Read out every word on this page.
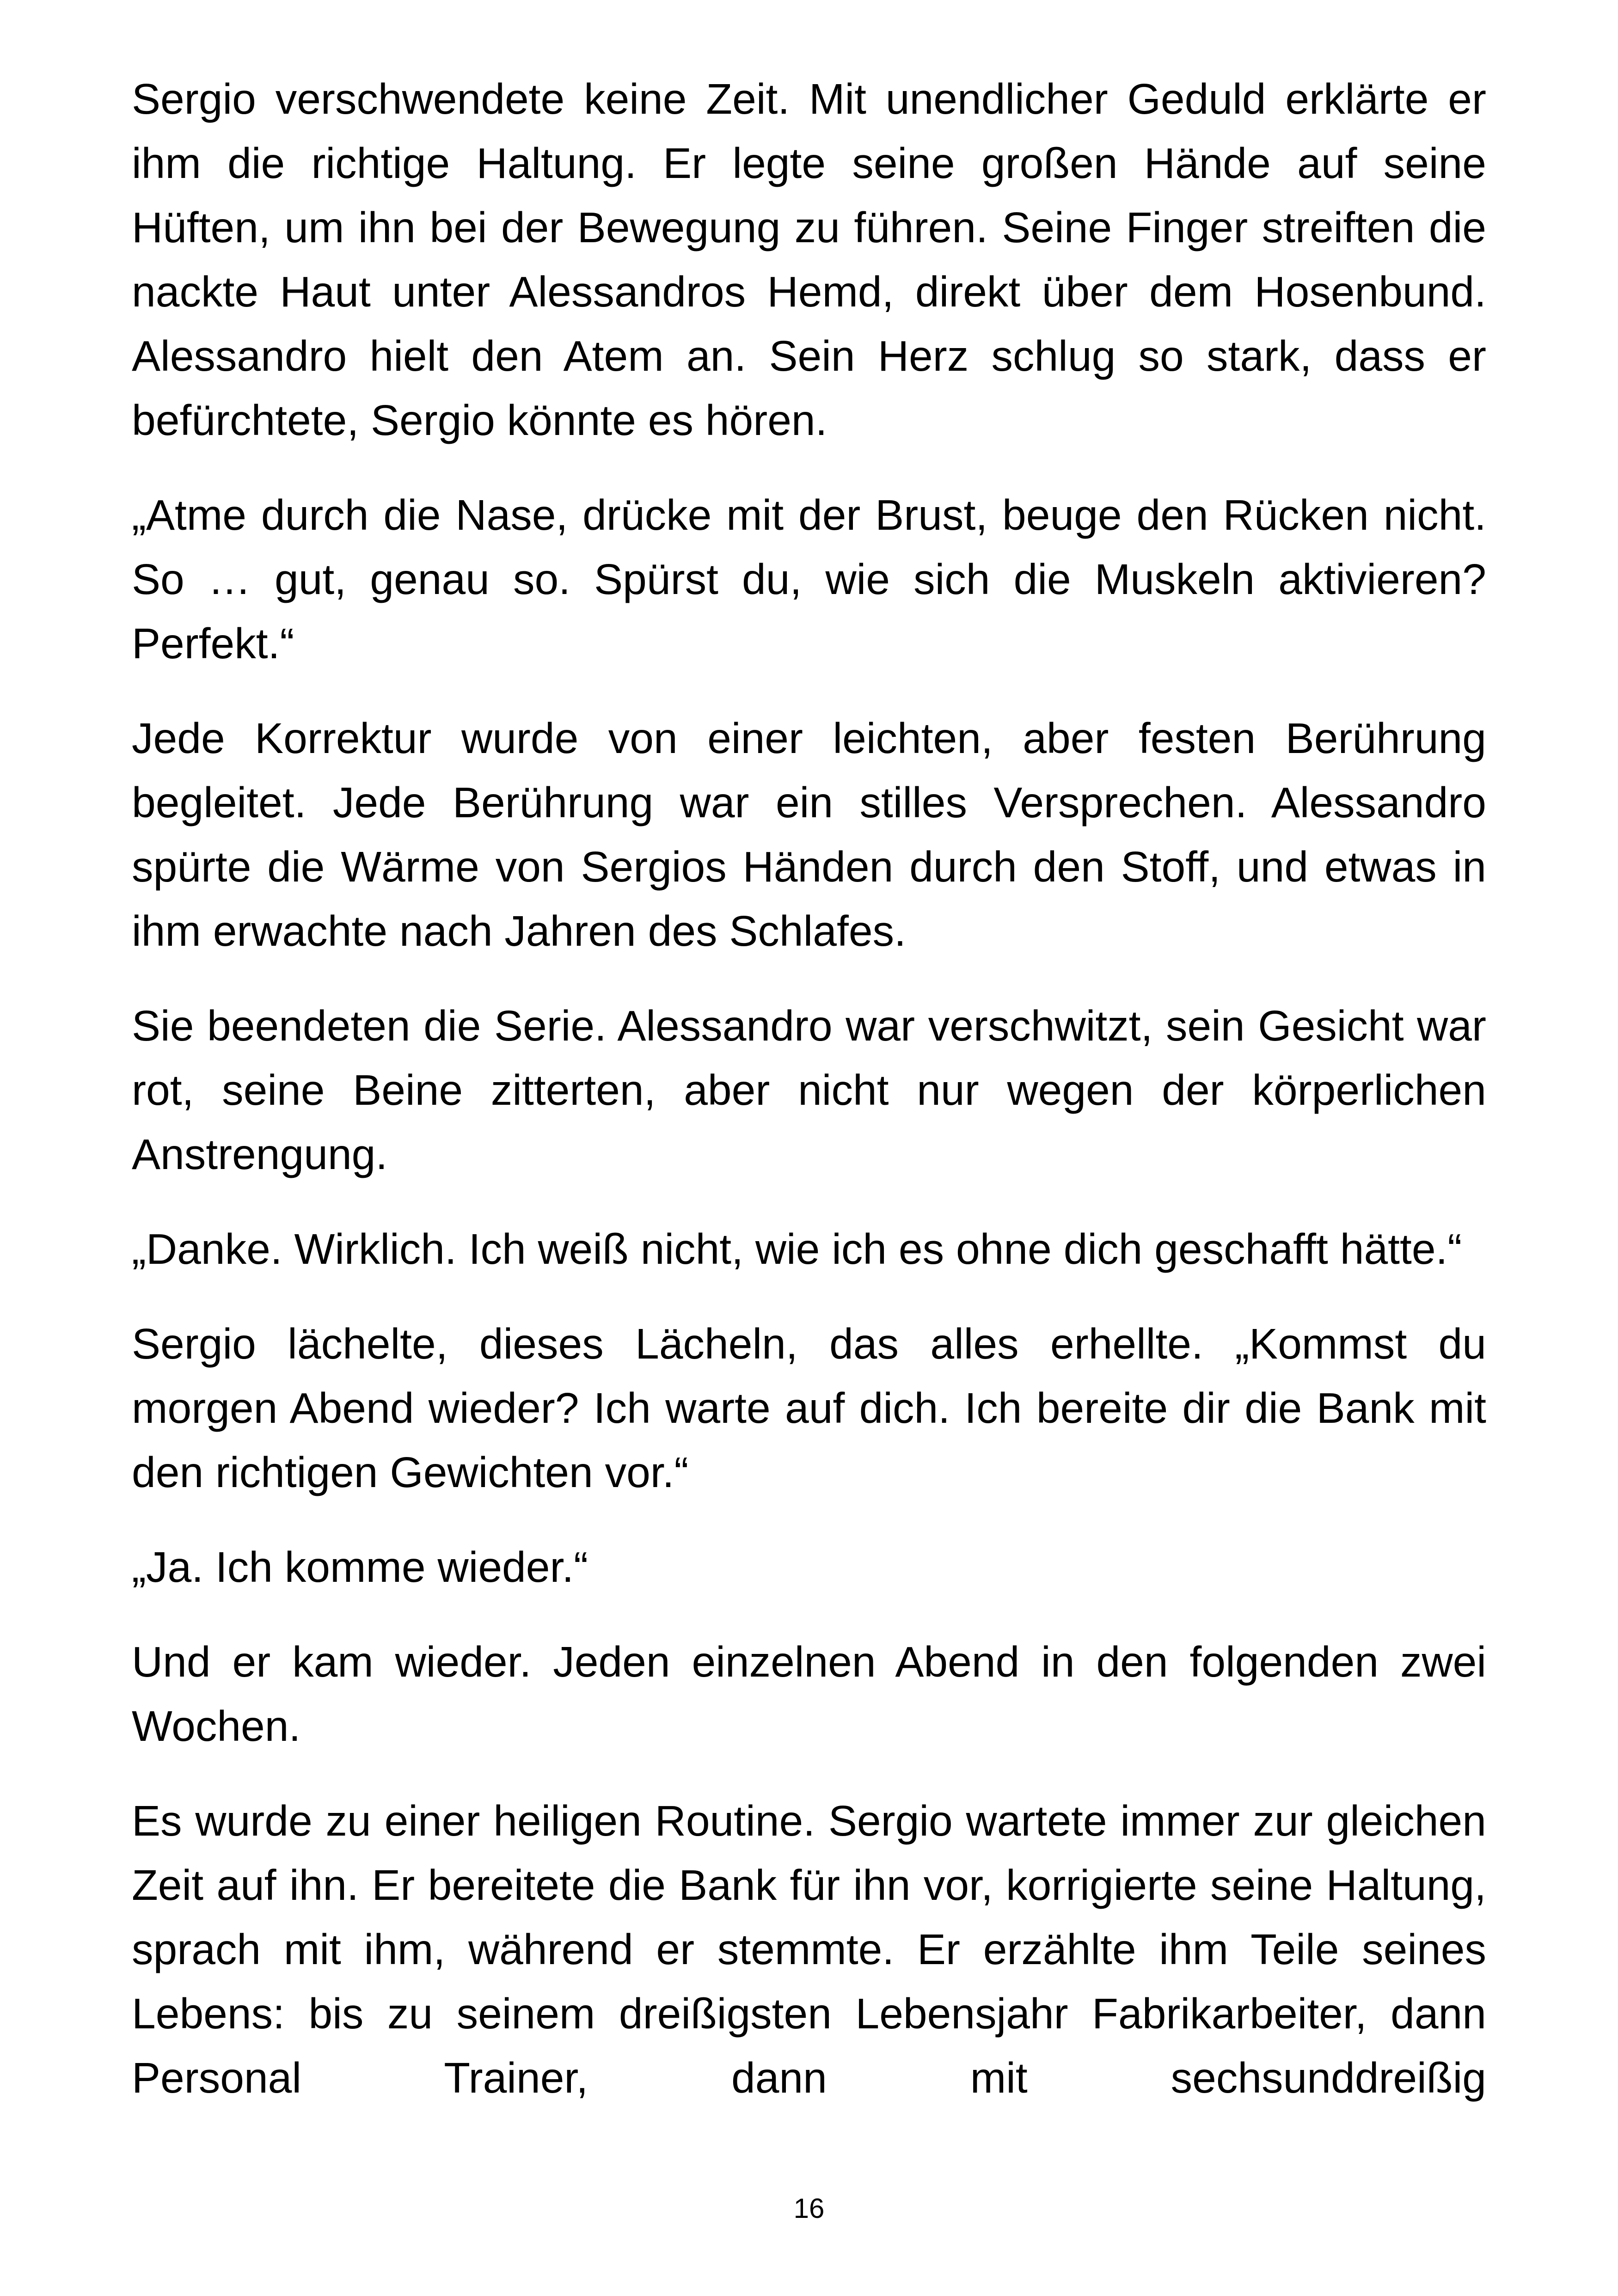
Sergio verschwendete keine Zeit. Mit unendlicher Geduld erklärte er ihm die richtige Haltung. Er legte seine großen Hände auf seine Hüften, um ihn bei der Bewegung zu führen. Seine Finger streiften die nackte Haut unter Alessandros Hemd, direkt über dem Hosenbund. Alessandro hielt den Atem an. Sein Herz schlug so stark, dass er befürchtete, Sergio könnte es hören.

„Atme durch die Nase, drücke mit der Brust, beuge den Rücken nicht. So … gut, genau so. Spürst du, wie sich die Muskeln aktivieren? Perfekt.“

Jede Korrektur wurde von einer leichten, aber festen Berührung begleitet. Jede Berührung war ein stilles Versprechen. Alessandro spürte die Wärme von Sergios Händen durch den Stoff, und etwas in ihm erwachte nach Jahren des Schlafes.

Sie beendeten die Serie. Alessandro war verschwitzt, sein Gesicht war rot, seine Beine zitterten, aber nicht nur wegen der körperlichen Anstrengung.

„Danke. Wirklich. Ich weiß nicht, wie ich es ohne dich geschafft hätte.“

Sergio lächelte, dieses Lächeln, das alles erhellte. „Kommst du morgen Abend wieder? Ich warte auf dich. Ich bereite dir die Bank mit den richtigen Gewichten vor.“

„Ja. Ich komme wieder.“

Und er kam wieder. Jeden einzelnen Abend in den folgenden zwei Wochen.

Es wurde zu einer heiligen Routine. Sergio wartete immer zur gleichen Zeit auf ihn. Er bereitete die Bank für ihn vor, korrigierte seine Haltung, sprach mit ihm, während er stemmte. Er erzählte ihm Teile seines Lebens: bis zu seinem dreißigsten Lebensjahr Fabrikarbeiter, dann Personal Trainer, dann mit sechsunddreißig

16
